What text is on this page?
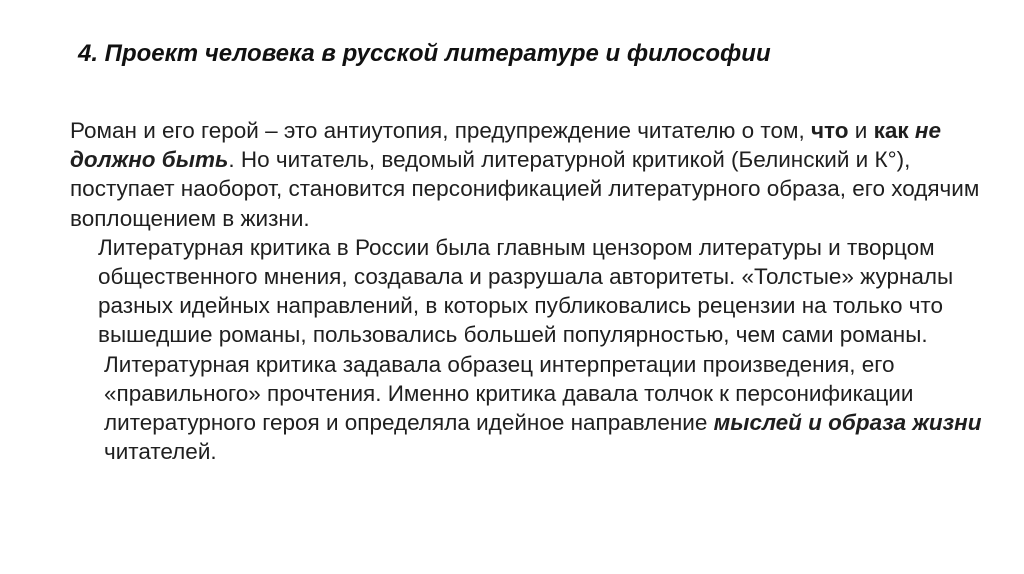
4. Проект человека в русской литературе и философии

Роман и его герой – это антиутопия, предупреждение читателю о том, что и как не должно быть. Но читатель, ведомый литературной критикой (Белинский и К°), поступает наоборот, становится персонификацией литературного образа, его ходячим воплощением в жизни.

Литературная критика в России была главным цензором литературы и творцом общественного мнения, создавала и разрушала авторитеты. «Толстые» журналы разных идейных направлений, в которых публиковались рецензии на только что вышедшие романы, пользовались большей популярностью, чем сами романы.

Литературная критика задавала образец интерпретации произведения, его «правильного» прочтения. Именно критика давала толчок к персонификации литературного героя и определяла идейное направление мыслей и образа жизни читателей.
